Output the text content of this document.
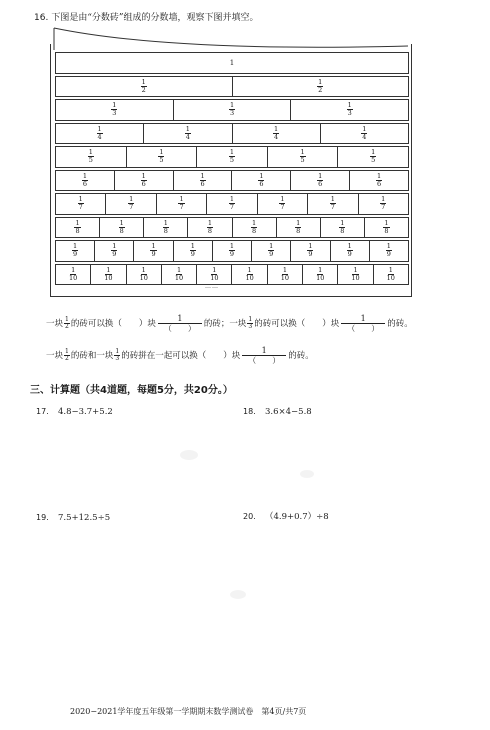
16. 下图是由“分数砖”组成的分数墙，观察下图并填空。
1
$\frac{1}{2}$	$\frac{1}{2}$
$\frac{1}{3}$	$\frac{1}{3}$	$\frac{1}{3}$
$\frac{1}{4}$	$\frac{1}{4}$	$\frac{1}{4}$	$\frac{1}{4}$
$\frac{1}{5}$	$\frac{1}{5}$	$\frac{1}{5}$	$\frac{1}{5}$	$\frac{1}{5}$
$\frac{1}{6}$	$\frac{1}{6}$	$\frac{1}{6}$	$\frac{1}{6}$	$\frac{1}{6}$	$\frac{1}{6}$
$\frac{1}{7}$	$\frac{1}{7}$	$\frac{1}{7}$	$\frac{1}{7}$	$\frac{1}{7}$	$\frac{1}{7}$	$\frac{1}{7}$
$\frac{1}{8}$	$\frac{1}{8}$	$\frac{1}{8}$	$\frac{1}{8}$	$\frac{1}{8}$	$\frac{1}{8}$	$\frac{1}{8}$	$\frac{1}{8}$
$\frac{1}{9}$	$\frac{1}{9}$	$\frac{1}{9}$	$\frac{1}{9}$	$\frac{1}{9}$	$\frac{1}{9}$	$\frac{1}{9}$	$\frac{1}{9}$	$\frac{1}{9}$
$\frac{1}{10}$	$\frac{1}{10}$	$\frac{1}{10}$	$\frac{1}{10}$	$\frac{1}{10}$	$\frac{1}{10}$	$\frac{1}{10}$	$\frac{1}{10}$	$\frac{1}{10}$	$\frac{1}{10}$
……
一块 $\frac{1}{2}$ 的砖可以换（　　）块 $\frac{1}{( )}$ 的砖；一块 $\frac{1}{3}$ 的砖可以换（　　）块 $\frac{1}{( )}$ 的砖。
一块 $\frac{1}{2}$ 的砖和一块 $\frac{1}{3}$ 的砖拼在一起可以换（　　）块 $\frac{1}{( )}$ 的砖。
三、计算题（共4道题，每题5分，共20分。）
17. 4.8−3.7+5.2	18. 3.6×4−5.8
19. 7.5+12.5÷5	20. （4.9+0.7）÷8
2020−2021学年度五年级第一学期期末数学测试卷　第4页/共7页
